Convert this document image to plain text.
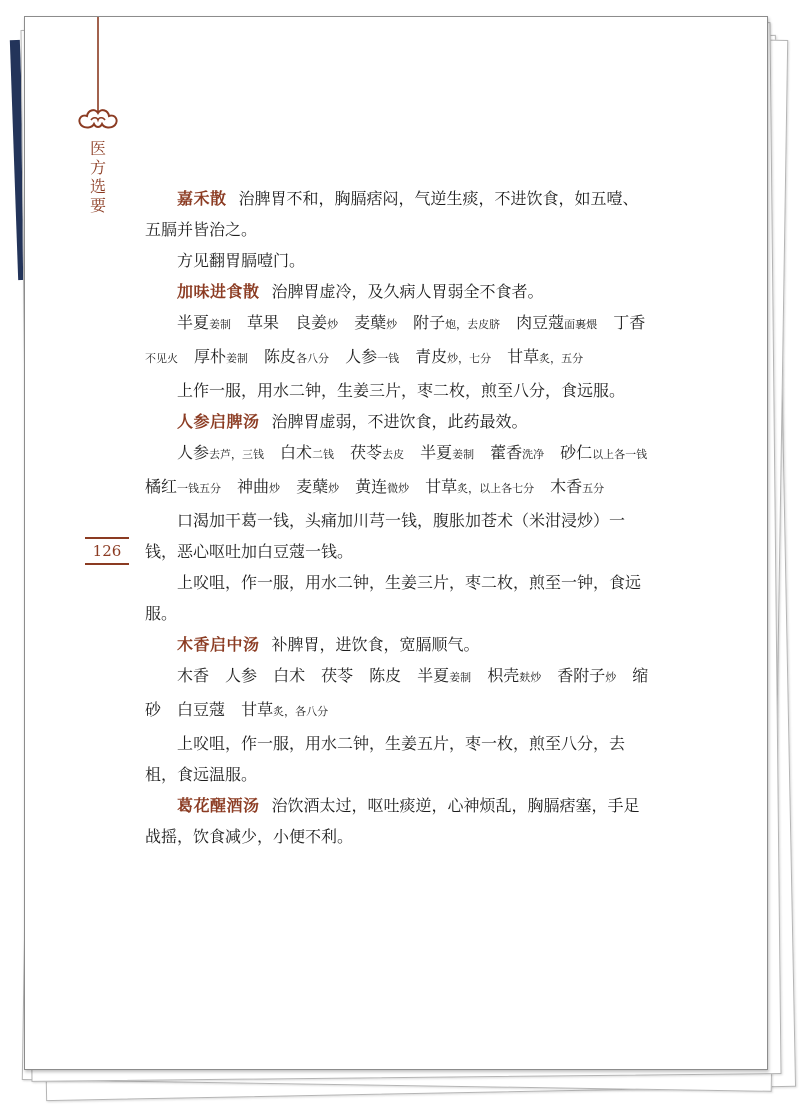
医
方
选
要
126

嘉禾散 治脾胃不和，胸膈痞闷，气逆生痰，不进饮食，如五噎、五膈并皆治之。

方见翻胃膈噎门。

加味进食散 治脾胃虚冷，及久病人胃弱全不食者。

半夏姜制　 草果　 良姜炒　 麦蘖炒　 附子炮，去皮脐　 肉豆蔻面裹煨　 丁香不见火　 厚朴姜制　 陈皮各八分　 人参一钱　 青皮炒，七分　 甘草炙，五分

上作一服，用水二钟，生姜三片，枣二枚，煎至八分，食远服。

人参启脾汤 治脾胃虚弱，不进饮食，此药最效。

人参去芦，三钱　 白术二钱　 茯苓去皮　 半夏姜制　 藿香洗净　 砂仁以上各一钱　橘红一钱五分　 神曲炒　 麦蘖炒　 黄连微炒　 甘草炙，以上各七分　 木香五分

口渴加干葛一钱，头痛加川芎一钱，腹胀加苍术（米泔浸炒）一钱，恶心呕吐加白豆蔻一钱。

上㕮咀，作一服，用水二钟，生姜三片，枣二枚，煎至一钟，食远服。

木香启中汤 补脾胃，进饮食，宽膈顺气。

木香　 人参　 白术　 茯苓　 陈皮　 半夏姜制　 枳壳麸炒　 香附子炒　 缩砂　 白豆蔻　 甘草炙，各八分

上㕮咀，作一服，用水二钟，生姜五片，枣一枚，煎至八分，去柤，食远温服。

葛花醒酒汤 治饮酒太过，呕吐痰逆，心神烦乱，胸膈痞塞，手足战摇，饮食减少，小便不利。
